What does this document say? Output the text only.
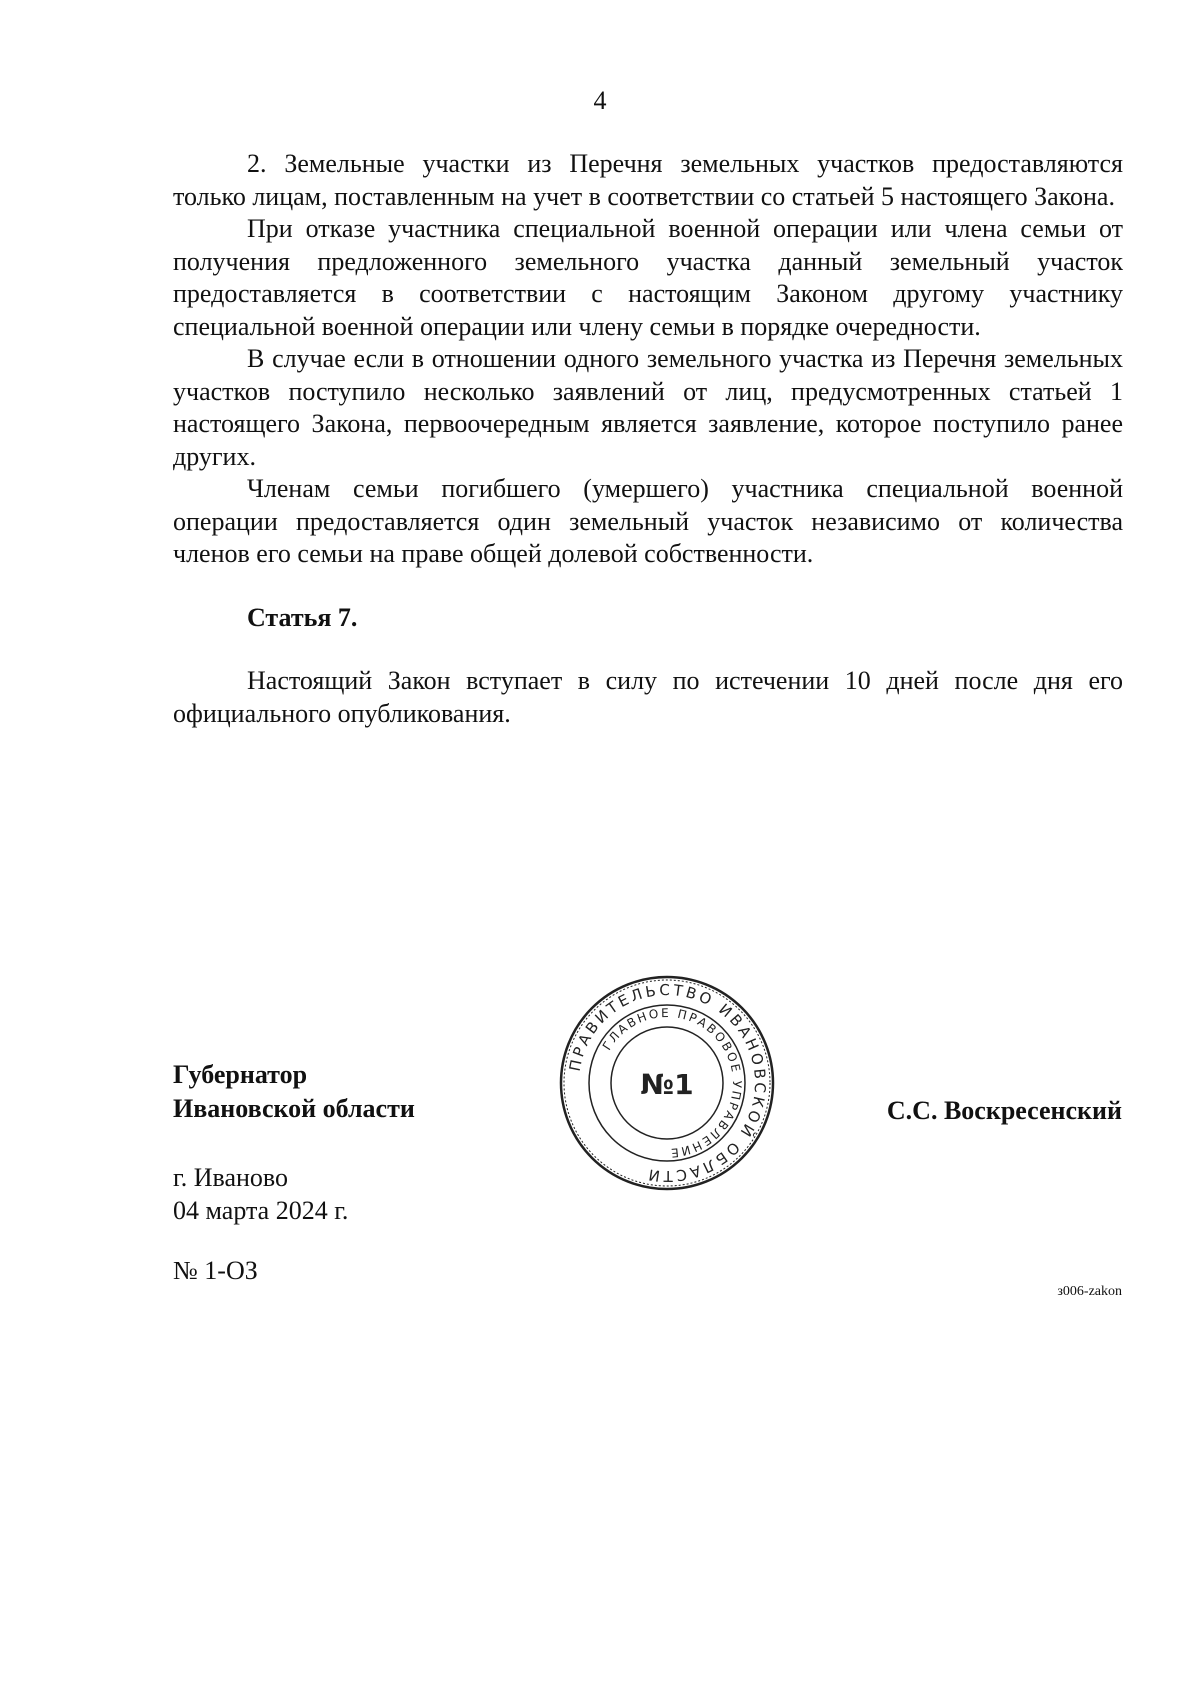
4

2. Земельные участки из Перечня земельных участков предоставляются только лицам, поставленным на учет в соответствии со статьей 5 настоящего Закона.

При отказе участника специальной военной операции или члена семьи от получения предложенного земельного участка данный земельный участок предоставляется в соответствии с настоящим Законом другому участнику специальной военной операции или члену семьи в порядке очередности.

В случае если в отношении одного земельного участка из Перечня земельных участков поступило несколько заявлений от лиц, предусмотренных статьей 1 настоящего Закона, первоочередным является заявление, которое поступило ранее других.

Членам семьи погибшего (умершего) участника специальной военной операции предоставляется один земельный участок независимо от количества членов его семьи на праве общей долевой собственности.

Статья 7.

Настоящий Закон вступает в силу по истечении 10 дней после дня его официального опубликования.

Губернатор
Ивановской области	С.С. Воскресенский
г. Иваново
04 марта 2024 г.
№ 1-ОЗ
з006-zakon
ПРАВИТЕЛЬСТВО ИВАНОВСКОЙ ОБЛАСТИ
ГЛАВНОЕ ПРАВОВОЕ УПРАВЛЕНИЕ
№1
